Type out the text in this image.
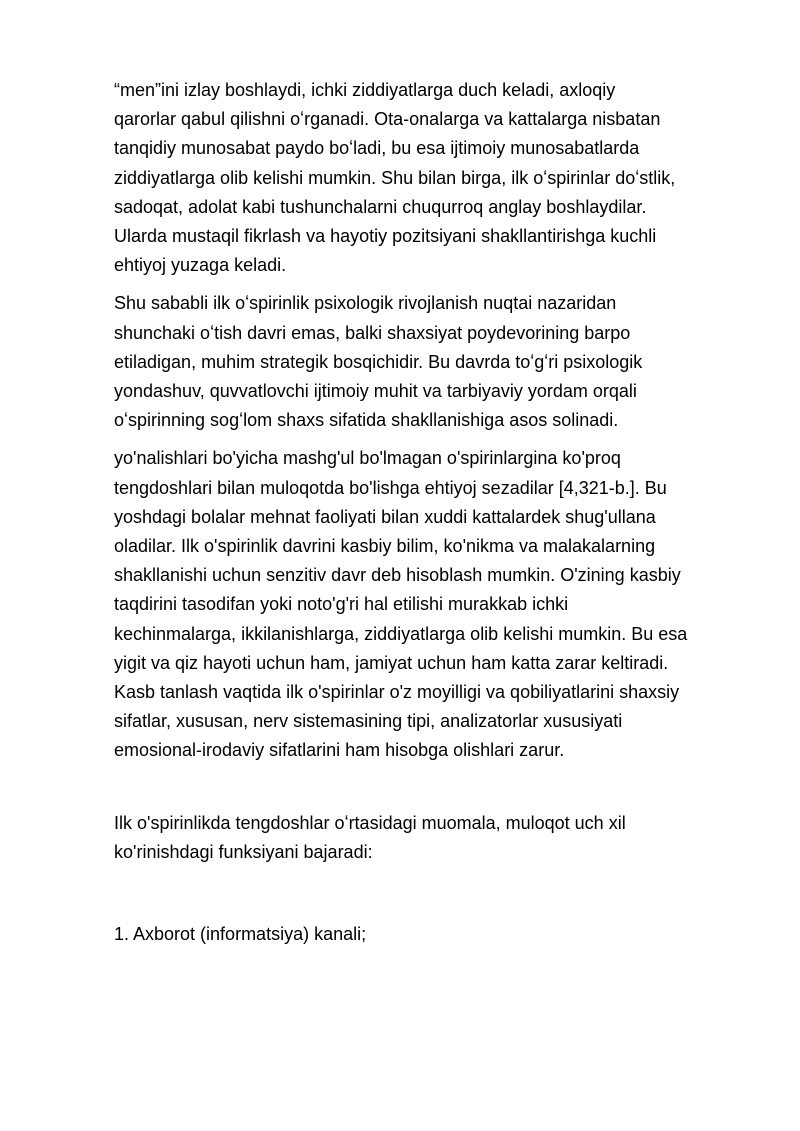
“men”ini izlay boshlaydi, ichki ziddiyatlarga duch keladi, axloqiy
qarorlar qabul qilishni oʻrganadi. Ota-onalarga va kattalarga nisbatan
tanqidiy munosabat paydo boʻladi, bu esa ijtimoiy munosabatlarda
ziddiyatlarga olib kelishi mumkin. Shu bilan birga, ilk oʻspirinlar doʻstlik,
sadoqat, adolat kabi tushunchalarni chuqurroq anglay boshlaydilar.
Ularda mustaqil fikrlash va hayotiy pozitsiyani shakllantirishga kuchli
ehtiyoj yuzaga keladi.

Shu sababli ilk oʻspirinlik psixologik rivojlanish nuqtai nazaridan
shunchaki oʻtish davri emas, balki shaxsiyat poydevorining barpo
etiladigan, muhim strategik bosqichidir. Bu davrda toʻgʻri psixologik
yondashuv, quvvatlovchi ijtimoiy muhit va tarbiyaviy yordam orqali
oʻspirinning sogʻlom shaxs sifatida shakllanishiga asos solinadi.

yo'nalishlari bo'yicha mashg'ul bo'lmagan o'spirinlargina ko'proq
tengdoshlari bilan muloqotda bo'lishga ehtiyoj sezadilar [4,321-b.]. Bu
yoshdagi bolalar mehnat faoliyati bilan xuddi kattalardek shug'ullana
oladilar. Ilk o'spirinlik davrini kasbiy bilim, ko'nikma va malakalarning
shakllanishi uchun senzitiv davr deb hisoblash mumkin. O'zining kasbiy
taqdirini tasodifan yoki noto'g'ri hal etilishi murakkab ichki
kechinmalarga, ikkilanishlarga, ziddiyatlarga olib kelishi mumkin. Bu esa
yigit va qiz hayoti uchun ham, jamiyat uchun ham katta zarar keltiradi.
Kasb tanlash vaqtida ilk o'spirinlar o'z moyilligi va qobiliyatlarini shaxsiy
sifatlar, xususan, nerv sistemasining tipi, analizatorlar xususiyati
emosional-irodaviy sifatlarini ham hisobga olishlari zarur.

Ilk o'spirinlikda tengdoshlar oʻrtasidagi muomala, muloqot uch xil
ko'rinishdagi funksiyani bajaradi:

1. Axborot (informatsiya) kanali;
